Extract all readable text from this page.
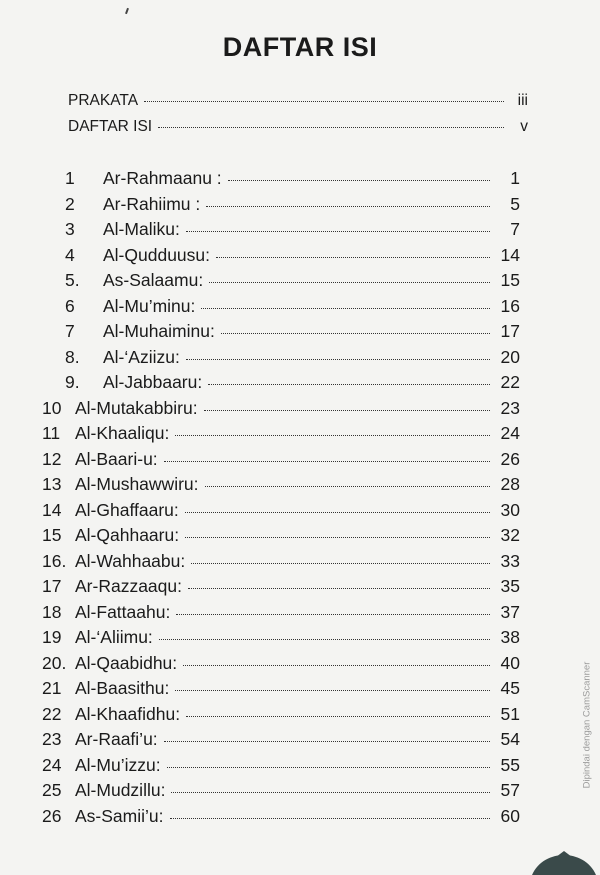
DAFTAR ISI
PRAKATA	iii
DAFTAR ISI	v
1	Ar-Rahmaanu :	1
2	Ar-Rahiimu :	5
3	Al-Maliku:	7
4	Al-Qudduusu:	14
5.	As-Salaamu:	15
6	Al-Mu’minu:	16
7	Al-Muhaiminu:	17
8.	Al-‘Aziizu:	20
9.	Al-Jabbaaru:	22
10 Al-Mutakabbiru:	23
11 Al-Khaaliqu:	24
12 Al-Baari-u:	26
13 Al-Mushawwiru:	28
14 Al-Ghaffaaru:	30
15 Al-Qahhaaru:	32
16. Al-Wahhaabu:	33
17 Ar-Razzaaqu:	35
18 Al-Fattaahu:	37
19 Al-‘Aliimu:	38
20. Al-Qaabidhu:	40
21 Al-Baasithu:	45
22 Al-Khaafidhu:	51
23 Ar-Raafi’u:	54
24 Al-Mu’izzu:	55
25 Al-Mudzillu:	57
26 As-Samii’u:	60
Dipindai dengan CamScanner
